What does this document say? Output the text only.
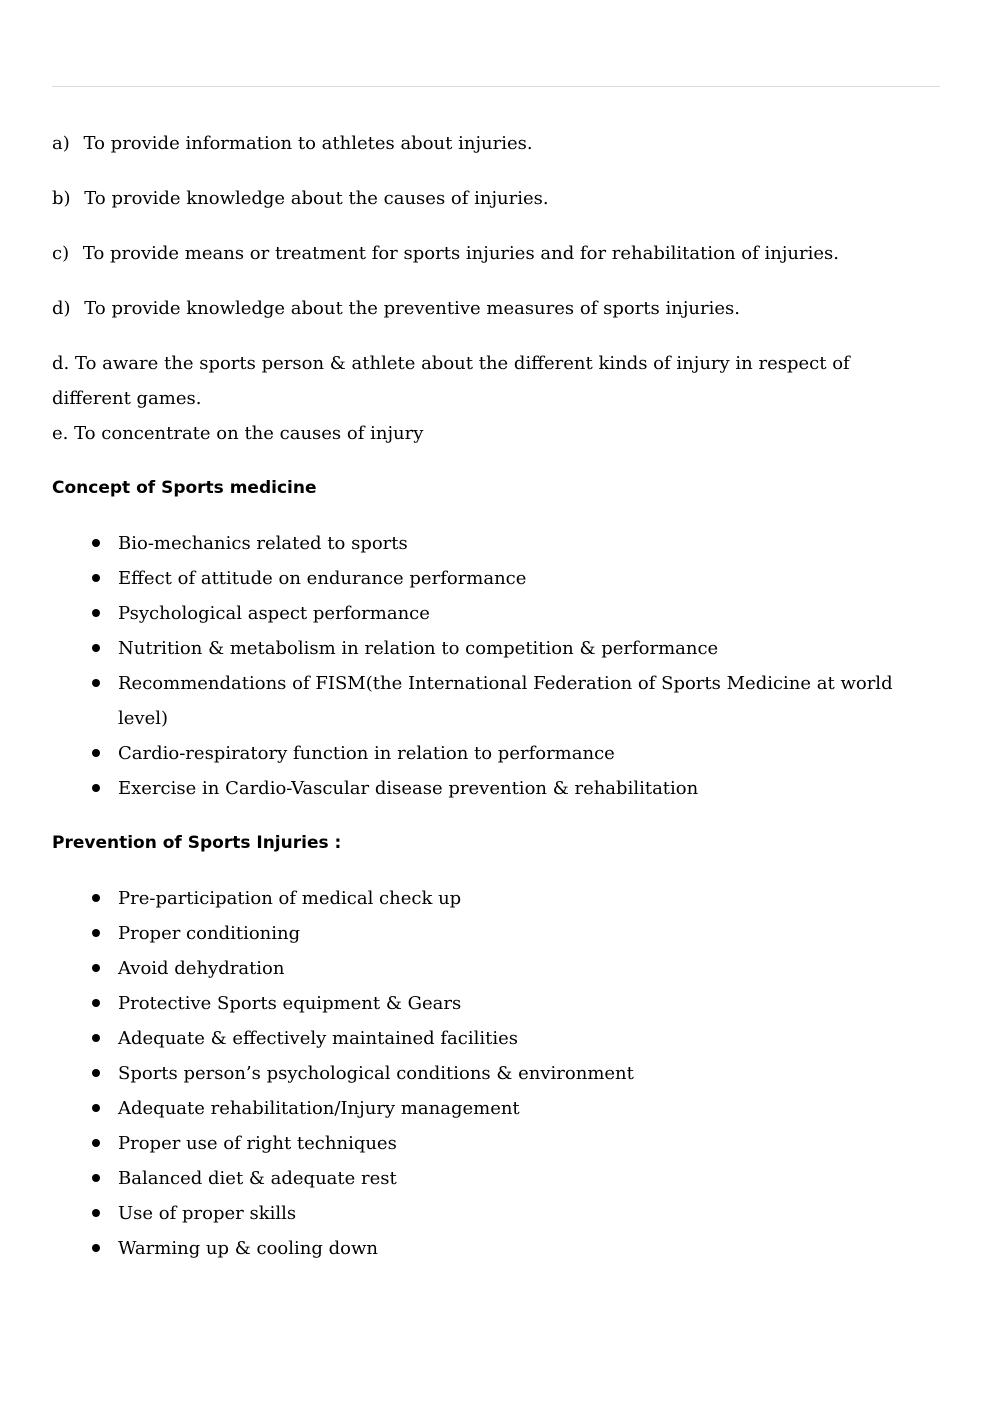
a) To provide information to athletes about injuries.

b) To provide knowledge about the causes of injuries.

c) To provide means or treatment for sports injuries and for rehabilitation of injuries.

d) To provide knowledge about the preventive measures of sports injuries.

d. To aware the sports person & athlete about the different kinds of injury in respect of different games.

e. To concentrate on the causes of injury

Concept of Sports medicine
Bio-mechanics related to sports
Effect of attitude on endurance performance
Psychological aspect performance
Nutrition & metabolism in relation to competition & performance
Recommendations of FISM(the International Federation of Sports Medicine at world level)
Cardio-respiratory function in relation to performance
Exercise in Cardio-Vascular disease prevention & rehabilitation
Prevention of Sports Injuries :
Pre-participation of medical check up
Proper conditioning
Avoid dehydration
Protective Sports equipment & Gears
Adequate & effectively maintained facilities
Sports person’s psychological conditions & environment
Adequate rehabilitation/Injury management
Proper use of right techniques
Balanced diet & adequate rest
Use of proper skills
Warming up & cooling down
